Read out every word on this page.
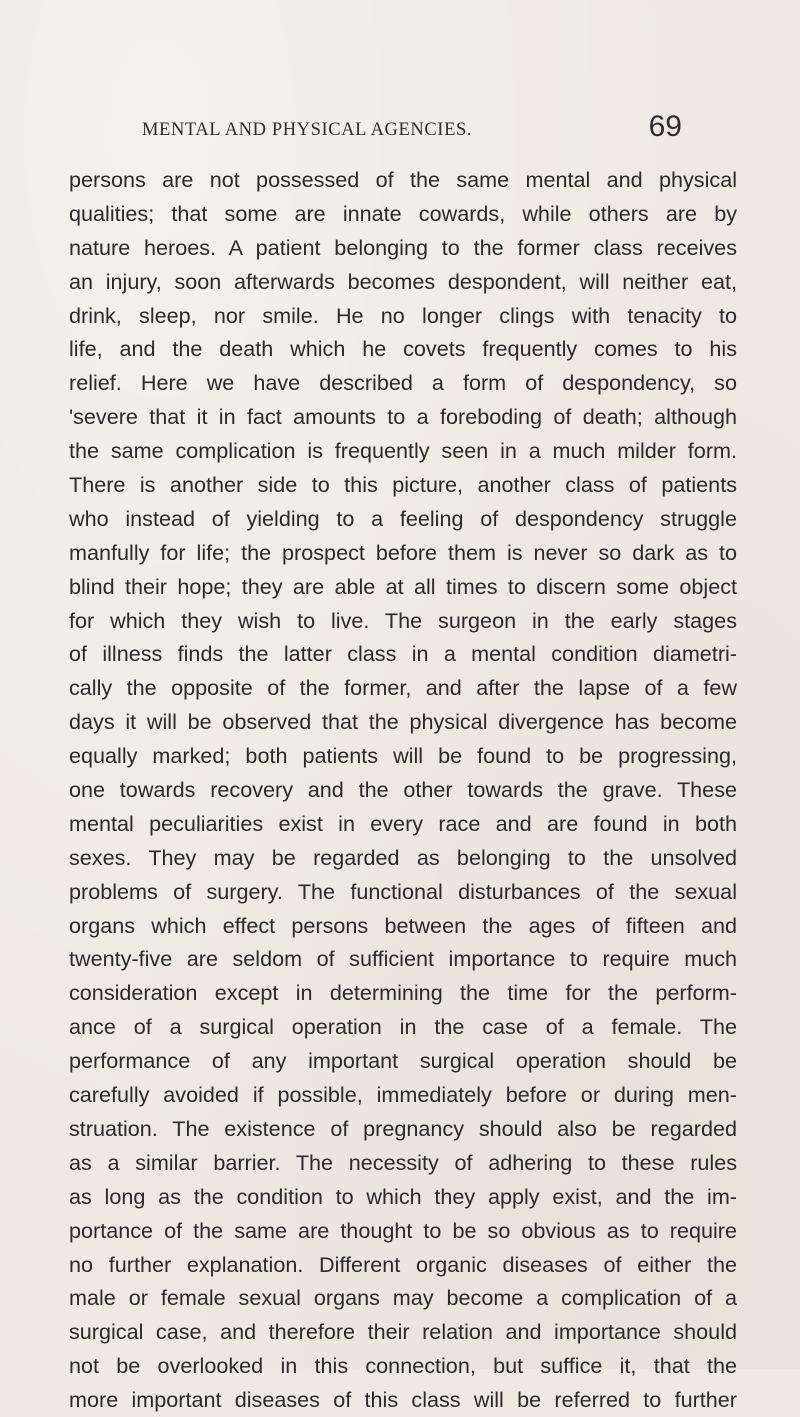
MENTAL AND PHYSICAL AGENCIES.	69
persons are not possessed of the same mental and physical
qualities; that some are innate cowards, while others are by
nature heroes. A patient belonging to the former class receives
an injury, soon afterwards becomes despondent, will neither eat,
drink, sleep, nor smile. He no longer clings with tenacity to
life, and the death which he covets frequently comes to his
relief. Here we have described a form of despondency, so
'severe that it in fact amounts to a foreboding of death; although
the same complication is frequently seen in a much milder form.
There is another side to this picture, another class of patients
who instead of yielding to a feeling of despondency struggle
manfully for life; the prospect before them is never so dark as to
blind their hope; they are able at all times to discern some object
for which they wish to live. The surgeon in the early stages
of illness finds the latter class in a mental condition diametri-
cally the opposite of the former, and after the lapse of a few
days it will be observed that the physical divergence has become
equally marked; both patients will be found to be progressing,
one towards recovery and the other towards the grave. These
mental peculiarities exist in every race and are found in both
sexes. They may be regarded as belonging to the unsolved
problems of surgery. The functional disturbances of the sexual
organs which effect persons between the ages of fifteen and
twenty-five are seldom of sufficient importance to require much
consideration except in determining the time for the perform-
ance of a surgical operation in the case of a female. The
performance of any important surgical operation should be
carefully avoided if possible, immediately before or during men-
struation. The existence of pregnancy should also be regarded
as a similar barrier. The necessity of adhering to these rules
as long as the condition to which they apply exist, and the im-
portance of the same are thought to be so obvious as to require
no further explanation. Different organic diseases of either the
male or female sexual organs may become a complication of a
surgical case, and therefore their relation and importance should
not be overlooked in this connection, but suffice it, that the
more important diseases of this class will be referred to further
